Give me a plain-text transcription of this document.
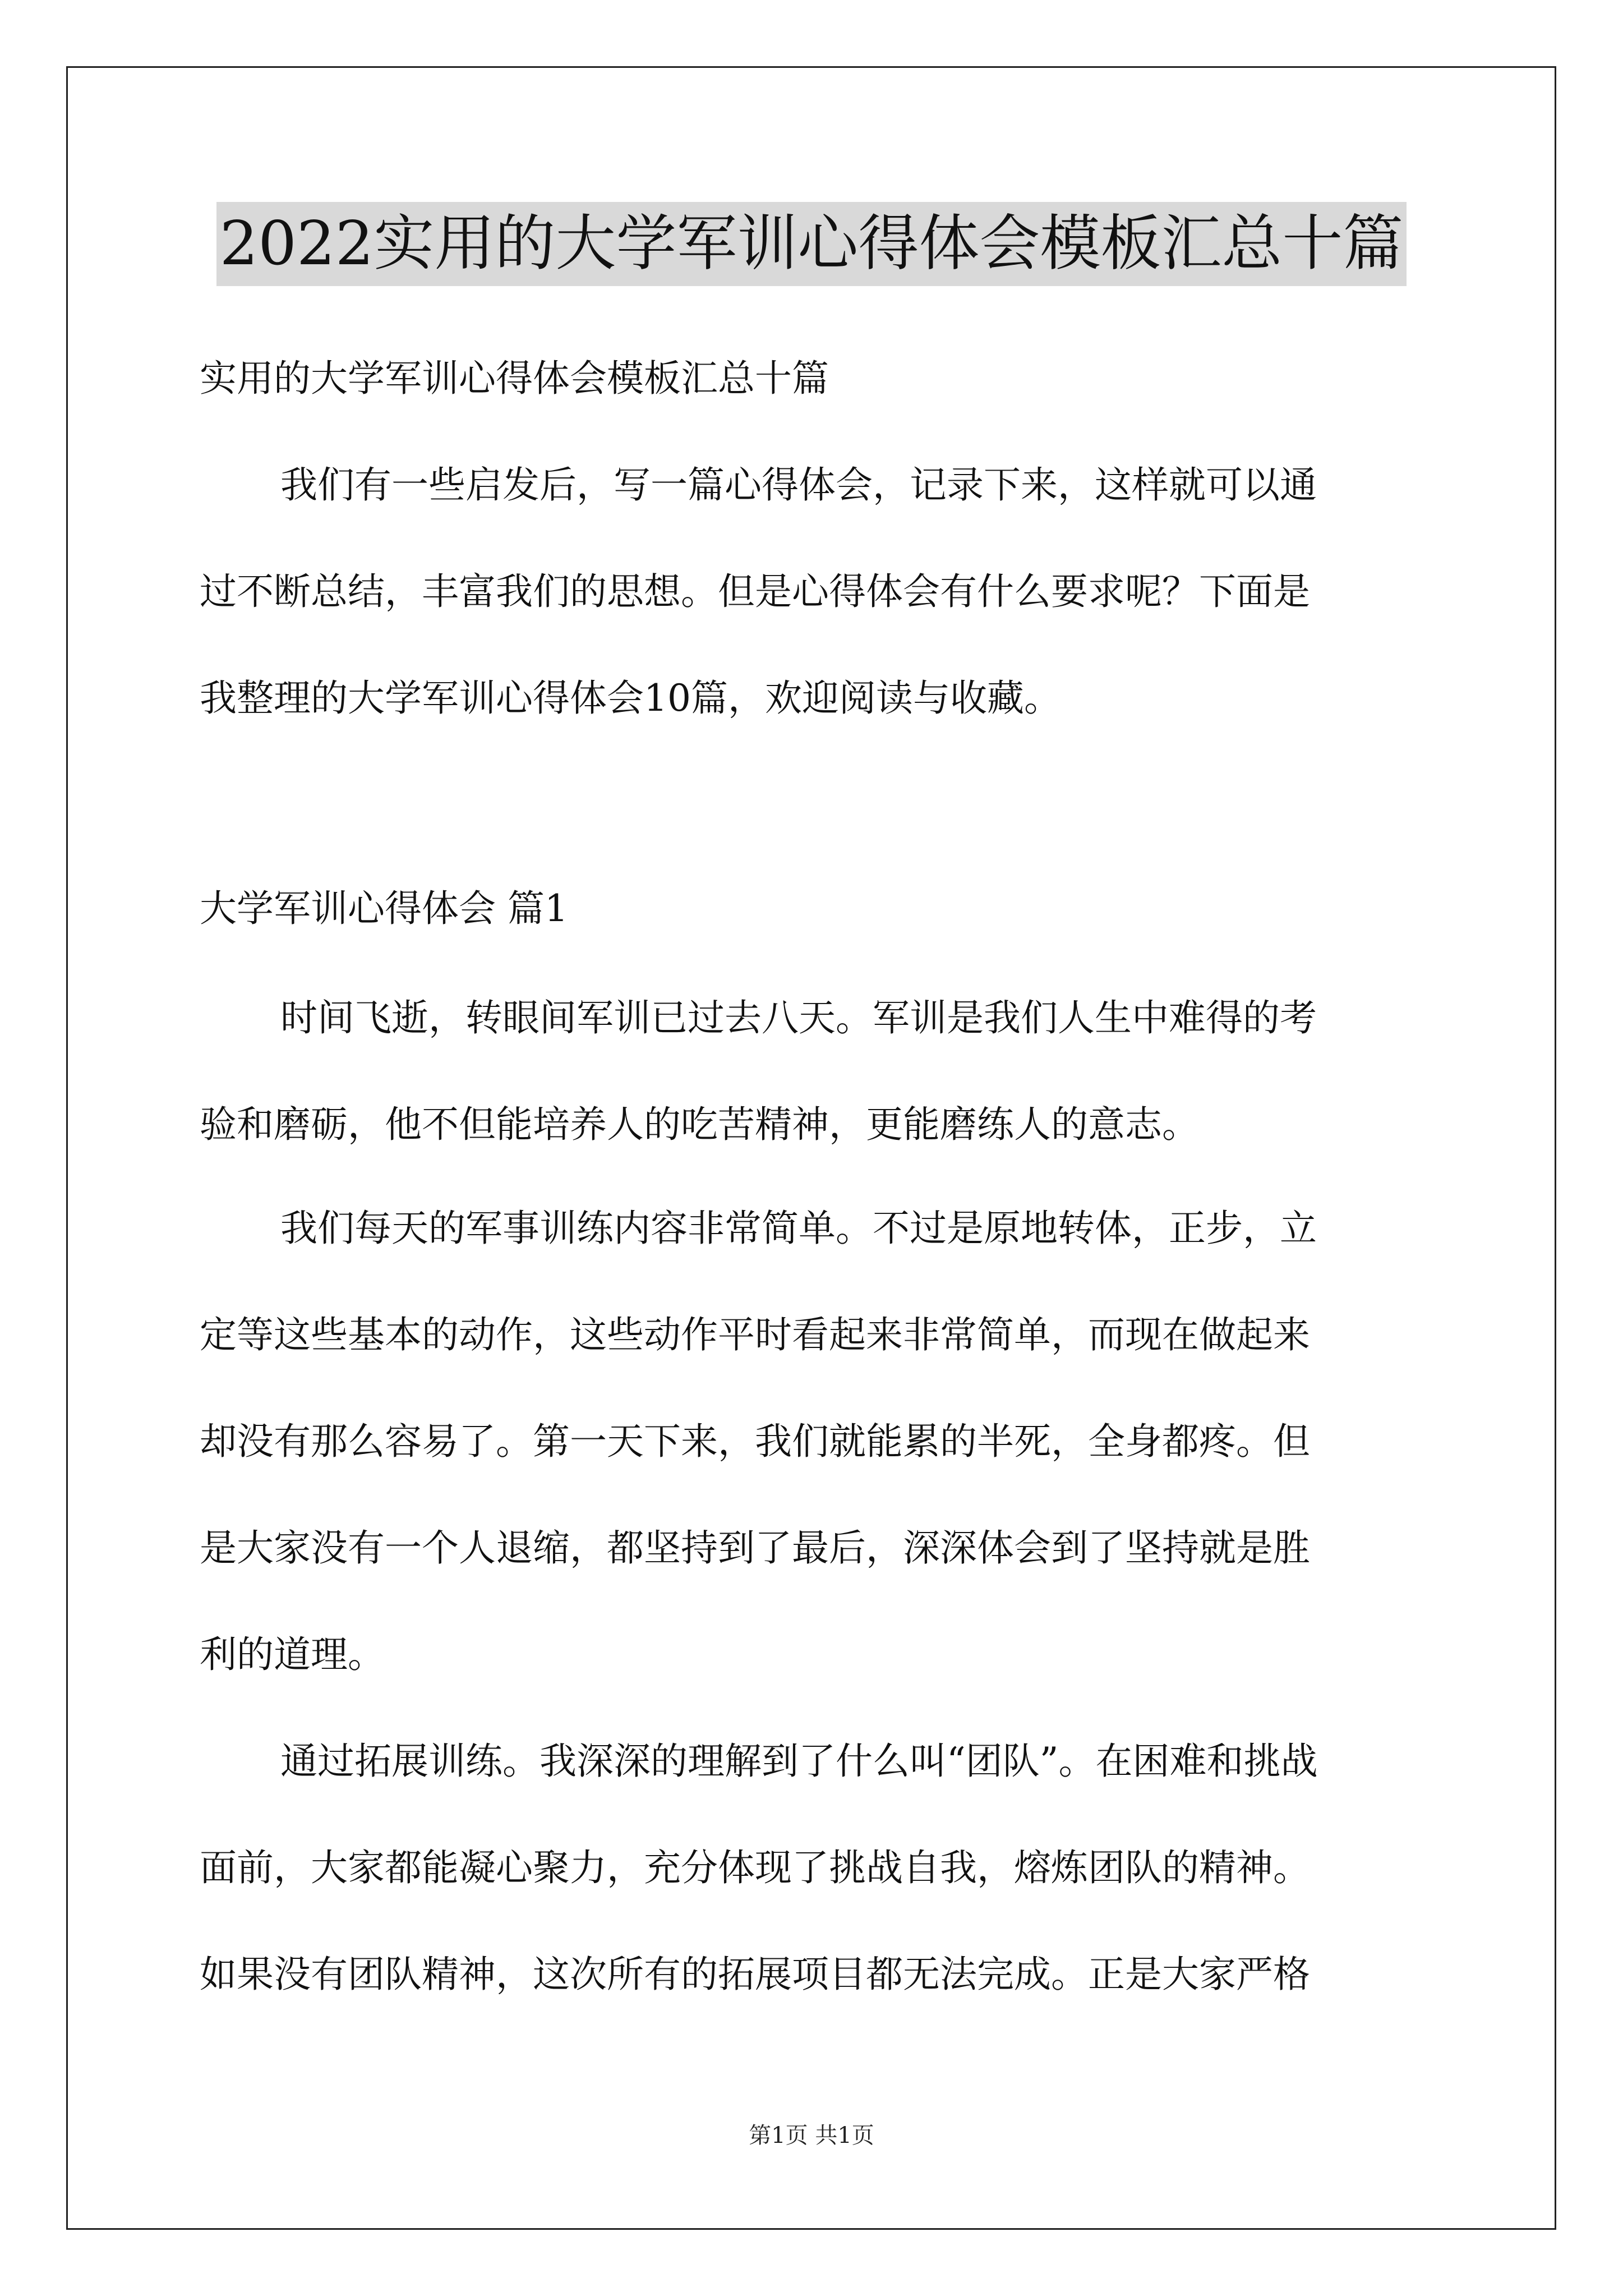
2022实用的大学军训心得体会模板汇总十篇

实用的大学军训心得体会模板汇总十篇

我们有一些启发后，写一篇心得体会，记录下来，这样就可以通

过不断总结，丰富我们的思想。但是心得体会有什么要求呢？下面是

我整理的大学军训心得体会10篇，欢迎阅读与收藏。

大学军训心得体会 篇1

时间飞逝，转眼间军训已过去八天。军训是我们人生中难得的考

验和磨砺，他不但能培养人的吃苦精神，更能磨练人的意志。

我们每天的军事训练内容非常简单。不过是原地转体，正步，立

定等这些基本的动作，这些动作平时看起来非常简单，而现在做起来

却没有那么容易了。第一天下来，我们就能累的半死，全身都疼。但

是大家没有一个人退缩，都坚持到了最后，深深体会到了坚持就是胜

利的道理。

通过拓展训练。我深深的理解到了什么叫“团队”。在困难和挑战

面前，大家都能凝心聚力，充分体现了挑战自我，熔炼团队的精神。

如果没有团队精神，这次所有的拓展项目都无法完成。正是大家严格

第1页 共1页
